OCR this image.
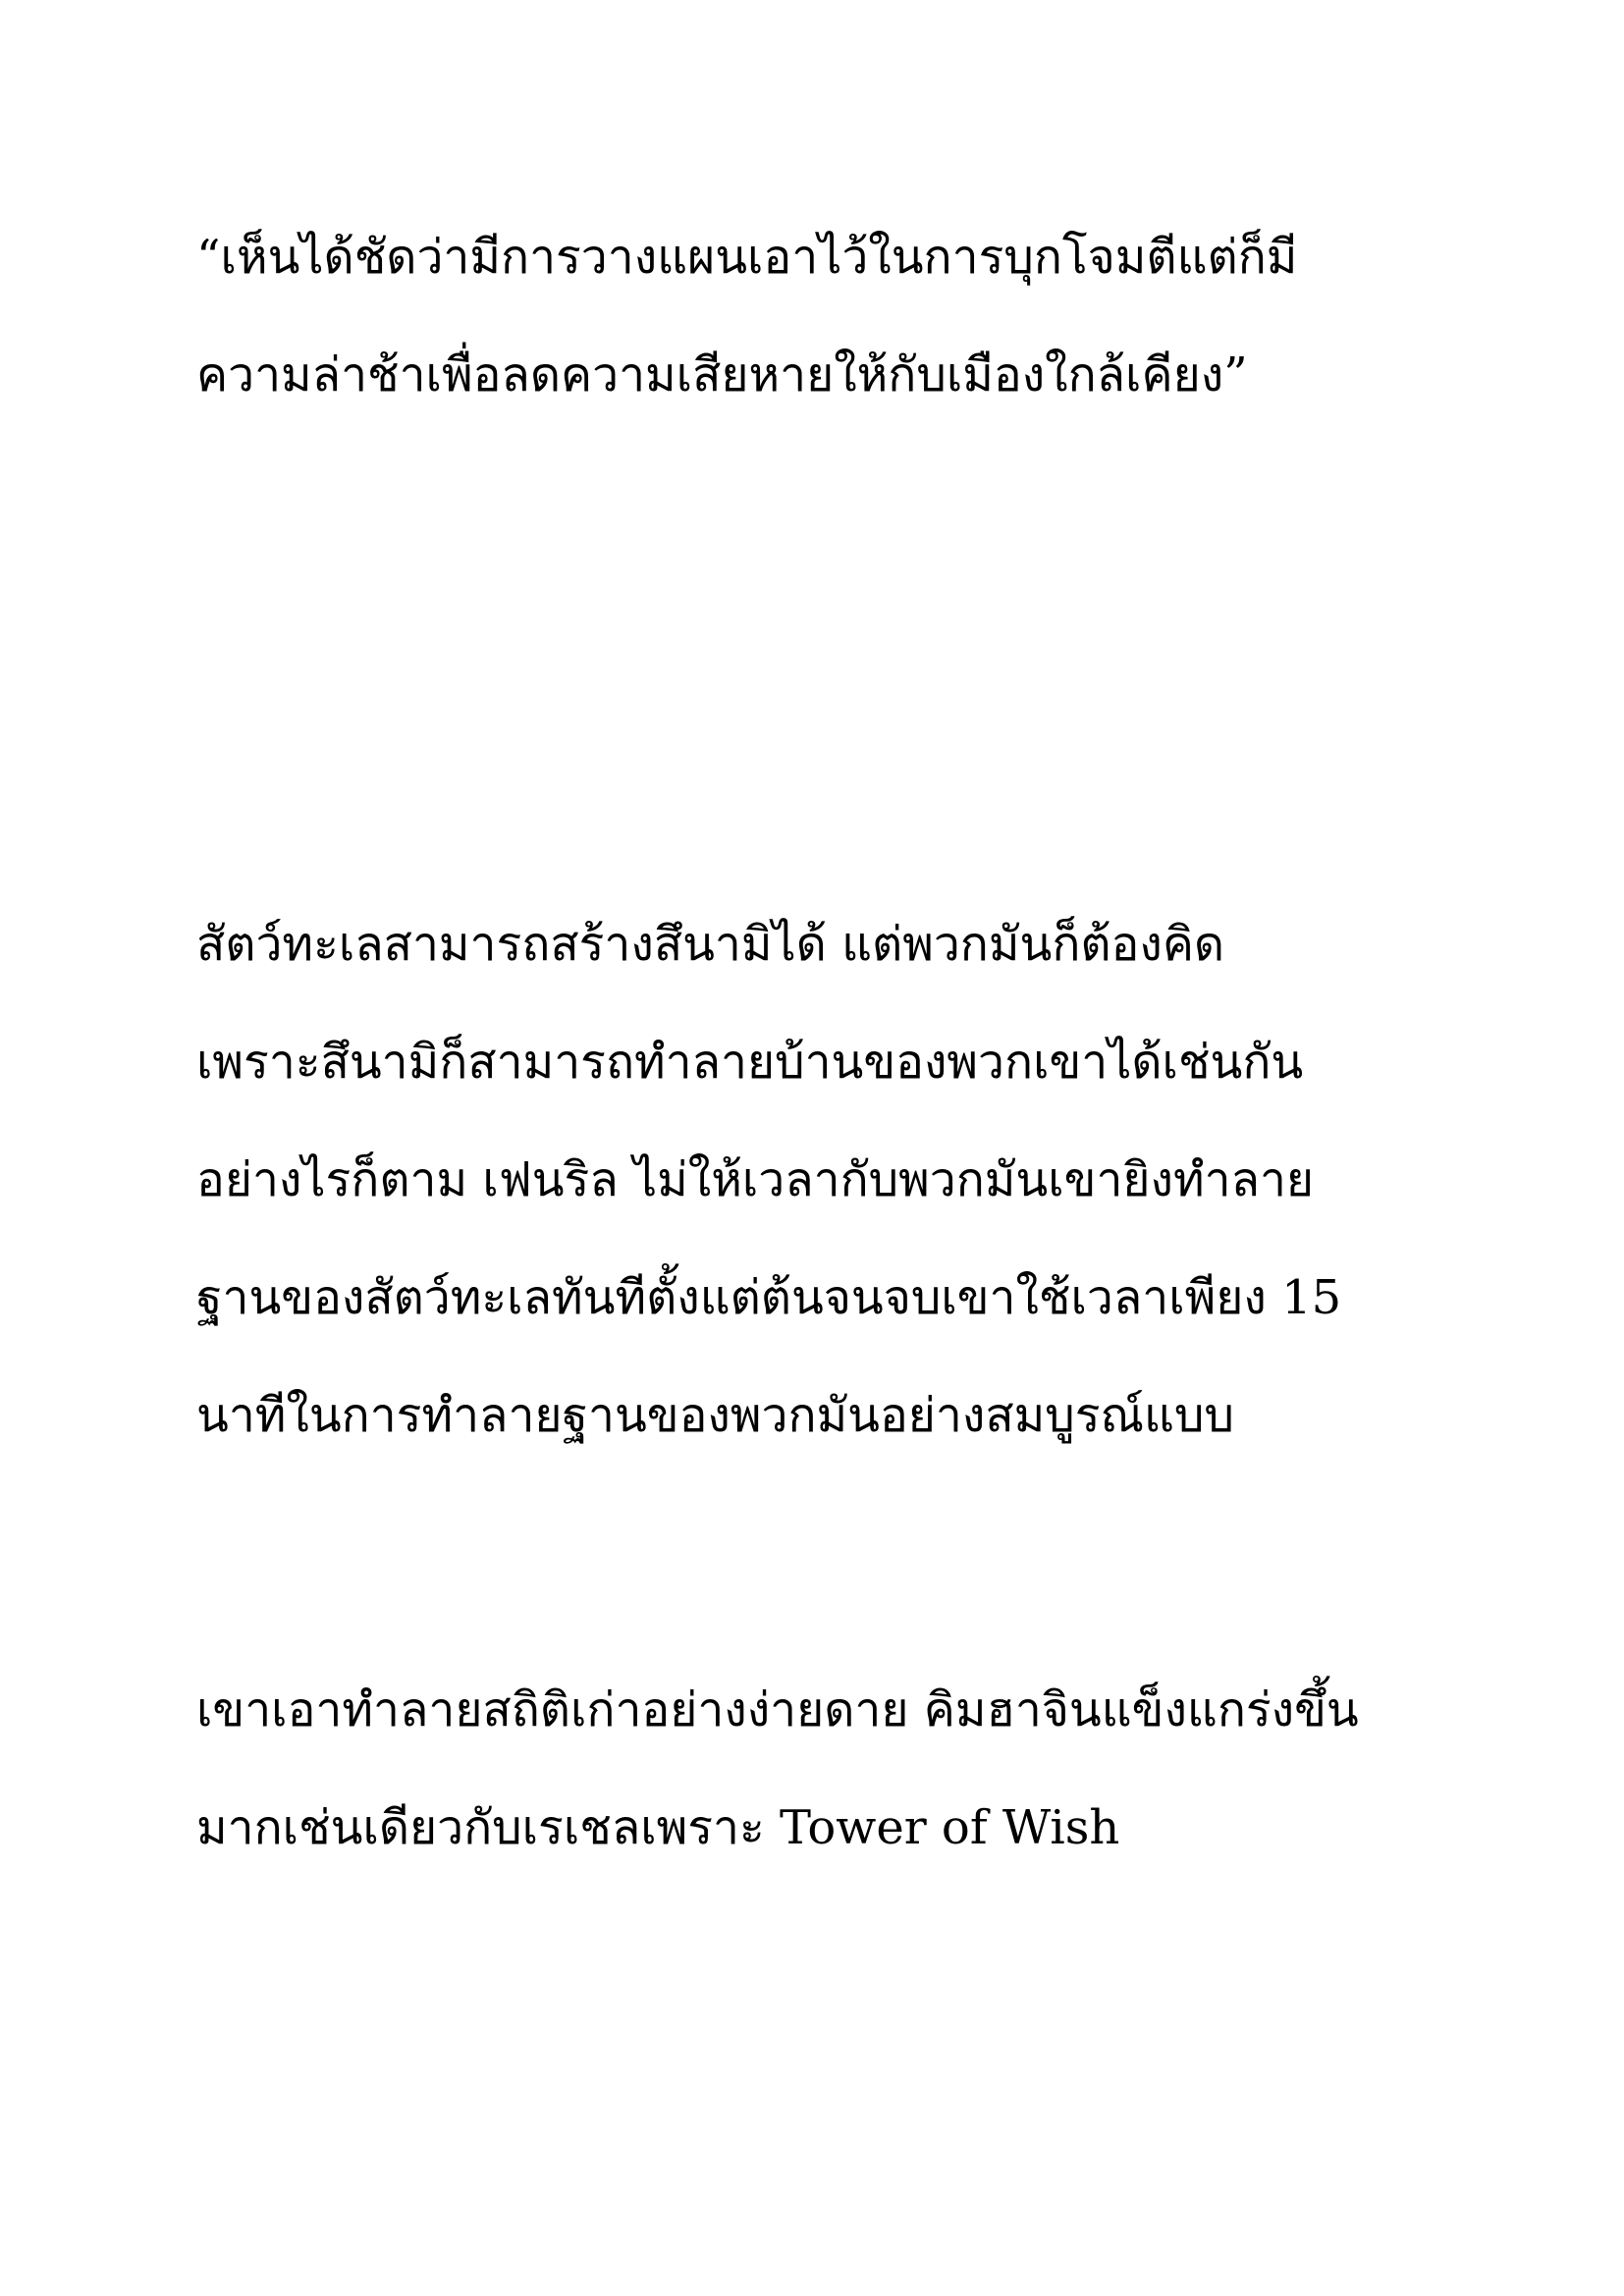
“เห็นได้ชัดว่ามีการวางแผนเอาไว้ในการบุกโจมตีแต่ก็มี
ความล่าช้าเพื่อลดความเสียหายให้กับเมืองใกล้เคียง”
สัตว์ทะเลสามารถสร้างสึนามิได้ แต่พวกมันก็ต้องคิด
เพราะสึนามิก็สามารถทำลายบ้านของพวกเขาได้เช่นกัน
อย่างไรก็ตาม เฟนริล ไม่ให้เวลากับพวกมันเขายิงทำลาย
ฐานของสัตว์ทะเลทันทีตั้งแต่ต้นจนจบเขาใช้เวลาเพียง 15
นาทีในการทำลายฐานของพวกมันอย่างสมบูรณ์แบบ
เขาเอาทำลายสถิติเก่าอย่างง่ายดาย คิมฮาจินแข็งแกร่งขึ้น
มากเช่นเดียวกับเรเชลเพราะ Tower of Wish
